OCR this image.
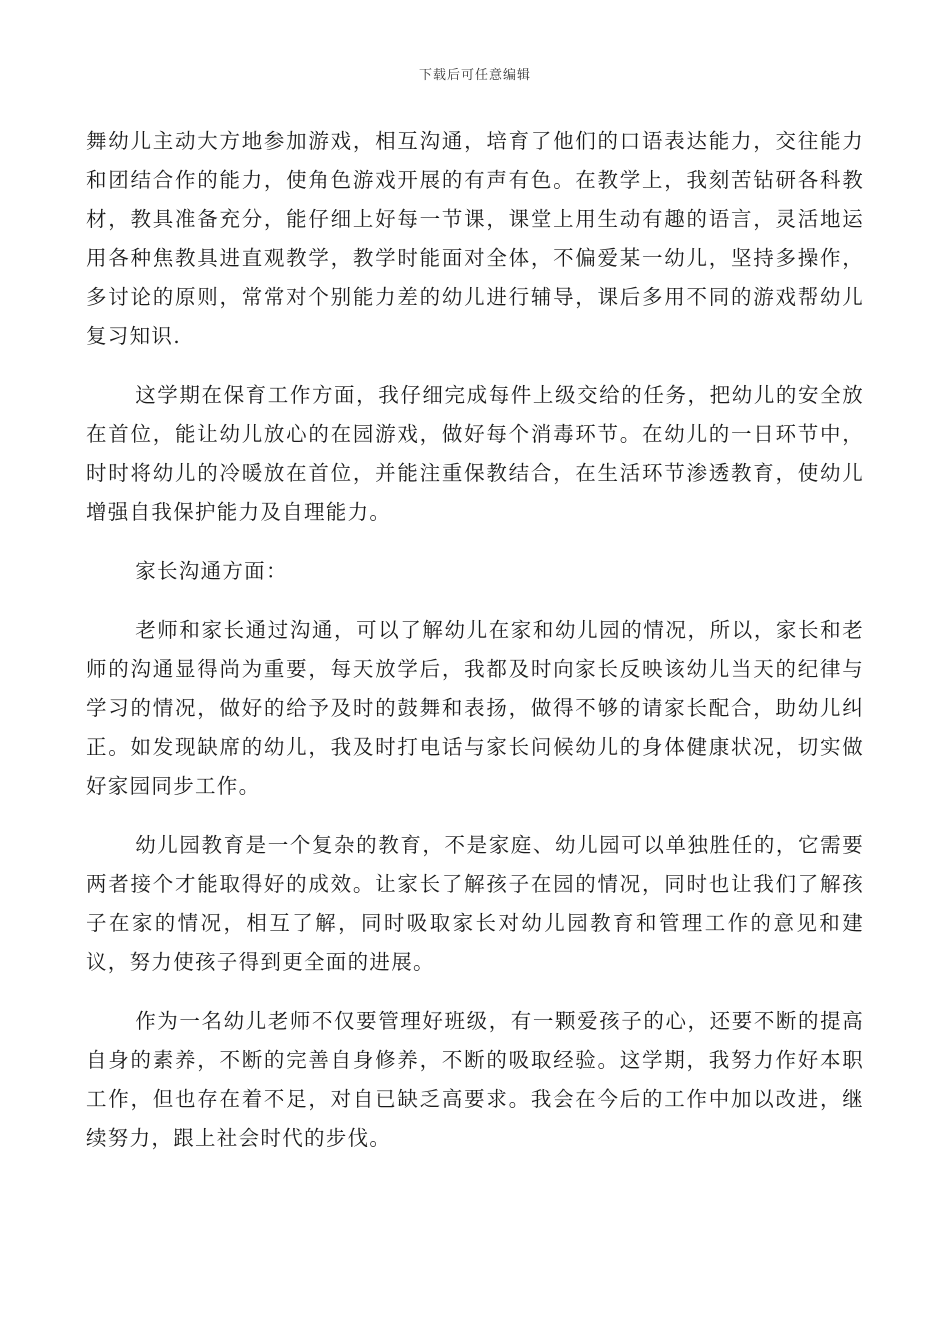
下载后可任意编辑

舞幼儿主动大方地参加游戏，相互沟通，培育了他们的口语表达能力，交往能力和团结合作的能力，使角色游戏开展的有声有色。在教学上，我刻苦钻研各科教材，教具准备充分，能仔细上好每一节课，课堂上用生动有趣的语言，灵活地运用各种焦教具进直观教学，教学时能面对全体，不偏爱某一幼儿，坚持多操作，多讨论的原则，常常对个别能力差的幼儿进行辅导，课后多用不同的游戏帮幼儿复习知识.

这学期在保育工作方面，我仔细完成每件上级交给的任务，把幼儿的安全放在首位，能让幼儿放心的在园游戏，做好每个消毒环节。在幼儿的一日环节中，时时将幼儿的冷暖放在首位，并能注重保教结合，在生活环节渗透教育，使幼儿增强自我保护能力及自理能力。

家长沟通方面：

老师和家长通过沟通，可以了解幼儿在家和幼儿园的情况，所以，家长和老师的沟通显得尚为重要，每天放学后，我都及时向家长反映该幼儿当天的纪律与学习的情况，做好的给予及时的鼓舞和表扬，做得不够的请家长配合，助幼儿纠正。如发现缺席的幼儿，我及时打电话与家长问候幼儿的身体健康状况，切实做好家园同步工作。

幼儿园教育是一个复杂的教育，不是家庭、幼儿园可以单独胜任的，它需要两者接个才能取得好的成效。让家长了解孩子在园的情况，同时也让我们了解孩子在家的情况，相互了解，同时吸取家长对幼儿园教育和管理工作的意见和建议，努力使孩子得到更全面的进展。

作为一名幼儿老师不仅要管理好班级，有一颗爱孩子的心，还要不断的提高自身的素养，不断的完善自身修养，不断的吸取经验。这学期，我努力作好本职工作，但也存在着不足，对自已缺乏高要求。我会在今后的工作中加以改进，继续努力，跟上社会时代的步伐。
